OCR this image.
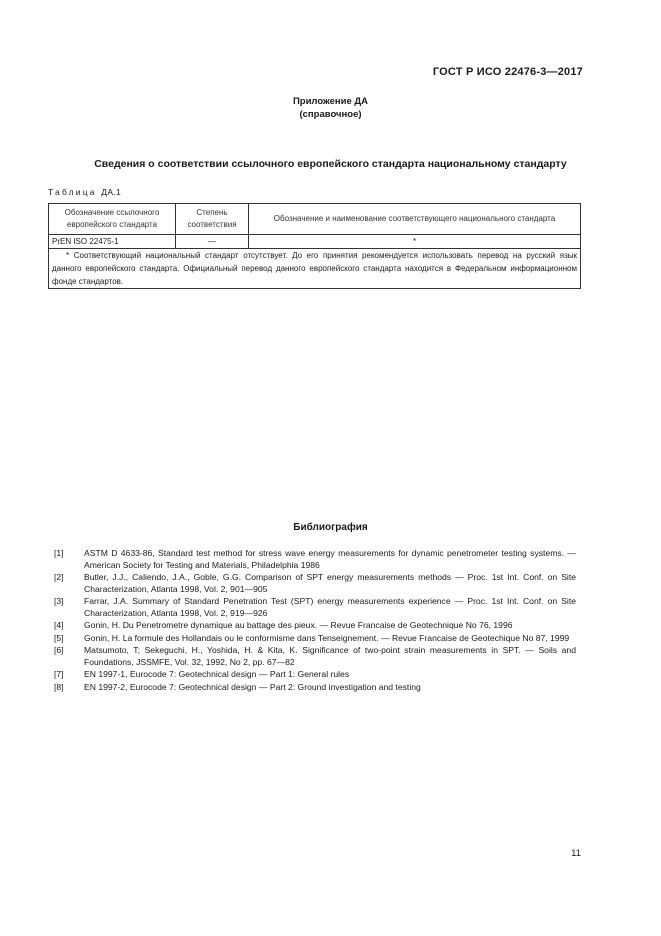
ГОСТ Р ИСО 22476-3—2017
Приложение ДА
(справочное)
Сведения о соответствии ссылочного европейского стандарта национальному стандарту
Таблица ДА.1
Обозначение ссылочного европейского стандарта	Степень соответствия	Обозначение и наименование соответствующего национального стандарта
PrEN ISO 22475-1	—	*
* Соответствующий национальный стандарт отсутствует. До его принятия рекомендуется использовать перевод на русский язык данного европейского стандарта. Официальный перевод данного европейского стандарта находится в Федеральном информационном фонде стандартов.		
Библиография
[1]	ASTM D 4633-86, Standard test method for stress wave energy measurements for dynamic penetrometer testing systems. — American Society for Testing and Materials, Philadelphia 1986
[2]	Butler, J.J., Caliendo, J.A., Goble, G.G. Comparison of SPT energy measurements methods — Proc. 1st Int. Conf. on Site Characterization, Atlanta 1998, Vol. 2, 901—905
[3]	Farrar, J.A. Summary of Standard Penetration Test (SPT) energy measurements experience — Proc. 1st Int. Conf. on Site Characterization, Atlanta 1998, Vol. 2, 919—926
[4]	Gonin, H. Du Penetrometre dynamique au battage des pieux. — Revue Francaise de Geotechnique No 76, 1996
[5]	Gonin, H. La formule des Hollandais ou le conformisme dans Tenseignement. — Revue Francaise de Geotechique No 87, 1999
[6]	Matsumoto, T; Sekeguchi, H., Yoshida, H. & Kita, K. Significance of two-point strain measurements in SPT. — Soils and Foundations, JSSMFE, Vol. 32, 1992, No 2, pp. 67—82
[7]	EN 1997-1, Eurocode 7: Geotechnical design — Part 1: General rules
[8]	EN 1997-2, Eurocode 7: Geotechnical design — Part 2: Ground investigation and testing
11
